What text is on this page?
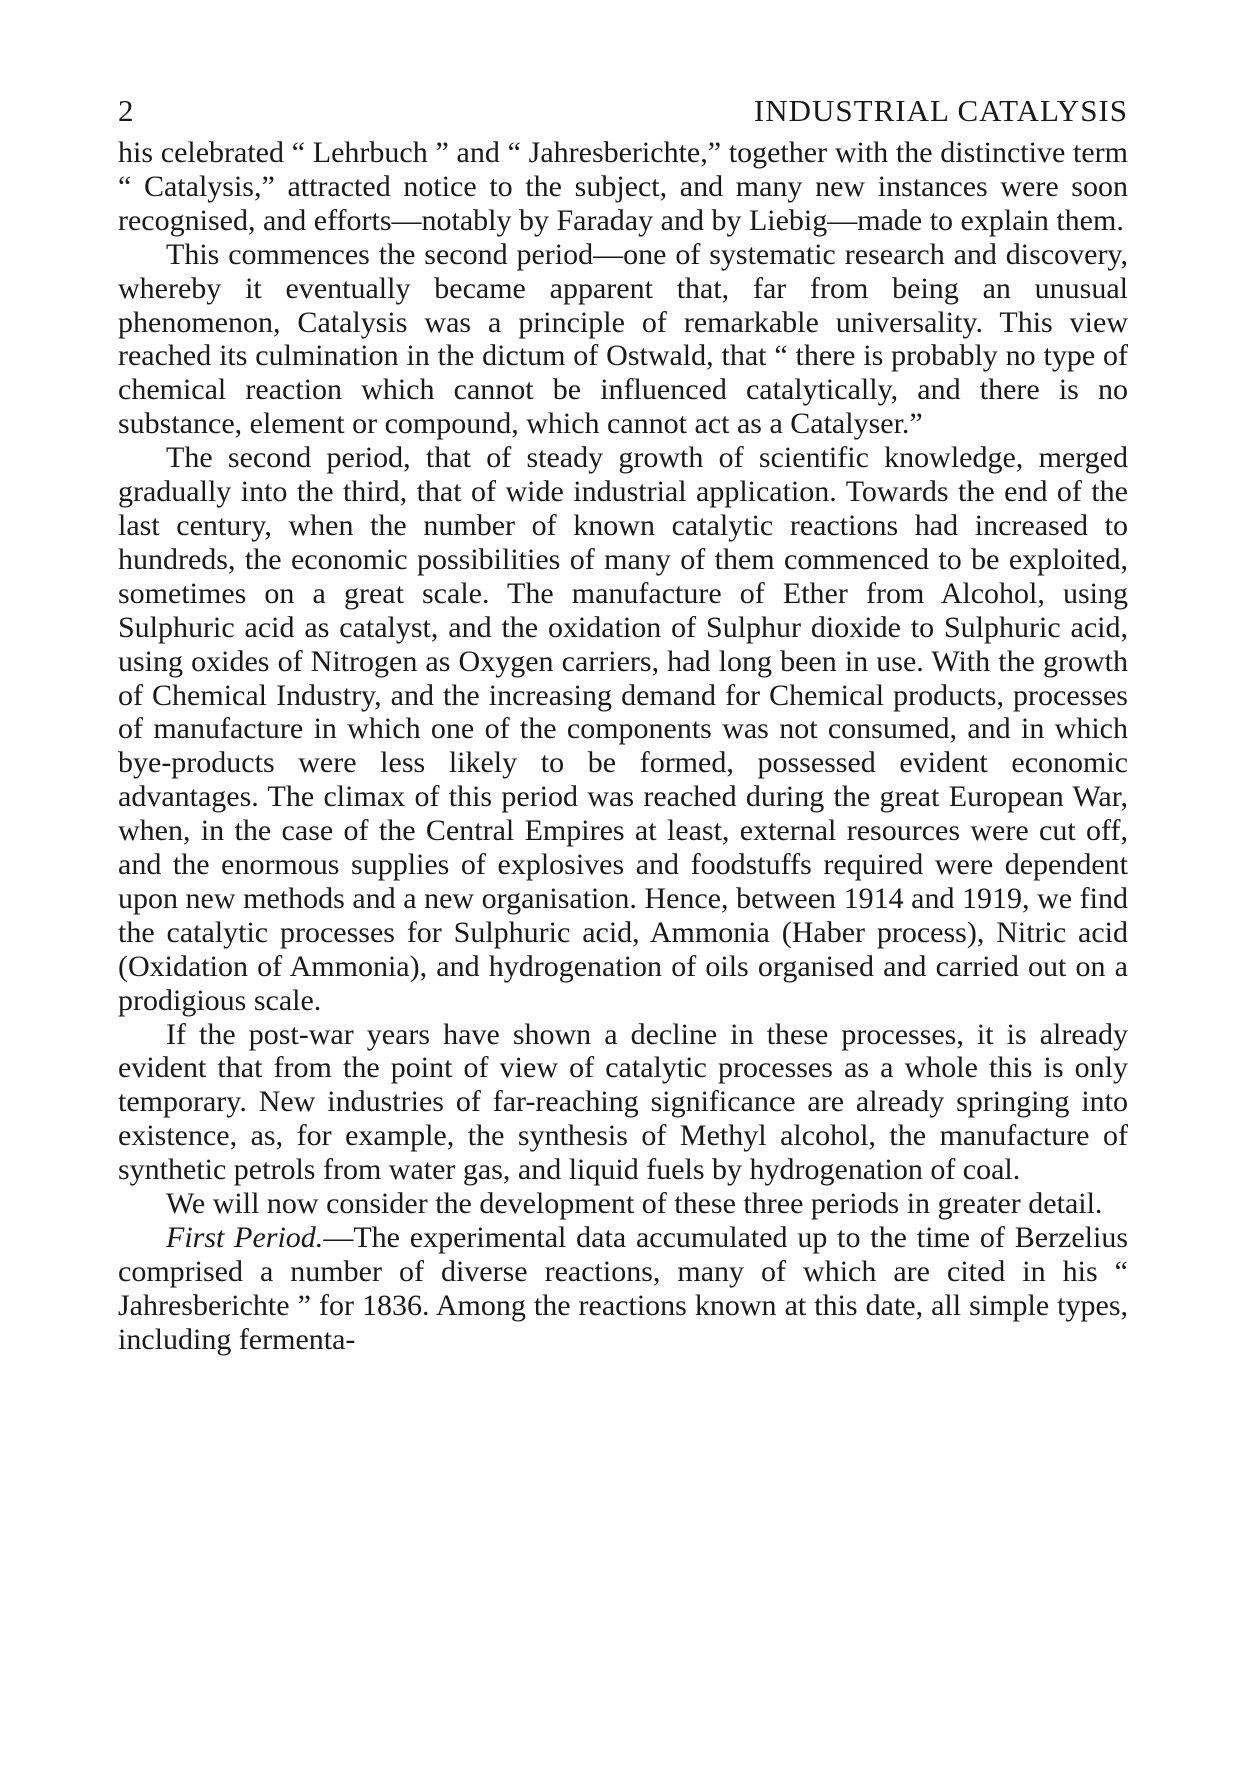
2	INDUSTRIAL CATALYSIS

his celebrated “ Lehrbuch ” and “ Jahresberichte,” together with the distinctive term “ Catalysis,” attracted notice to the subject, and many new instances were soon recognised, and efforts—notably by Faraday and by Liebig—made to explain them.

This commences the second period—one of systematic research and discovery, whereby it eventually became apparent that, far from being an unusual phenomenon, Catalysis was a principle of remarkable universality. This view reached its culmination in the dictum of Ostwald, that “ there is probably no type of chemical reaction which cannot be influenced catalytically, and there is no substance, element or compound, which cannot act as a Catalyser.”

The second period, that of steady growth of scientific knowledge, merged gradually into the third, that of wide industrial application. Towards the end of the last century, when the number of known catalytic reactions had increased to hundreds, the economic possibilities of many of them commenced to be exploited, sometimes on a great scale. The manufacture of Ether from Alcohol, using Sulphuric acid as catalyst, and the oxidation of Sulphur dioxide to Sulphuric acid, using oxides of Nitrogen as Oxygen carriers, had long been in use. With the growth of Chemical Industry, and the increasing demand for Chemical products, processes of manufacture in which one of the components was not consumed, and in which bye-products were less likely to be formed, possessed evident economic advantages. The climax of this period was reached during the great European War, when, in the case of the Central Empires at least, external resources were cut off, and the enormous supplies of explosives and foodstuffs required were dependent upon new methods and a new organisation. Hence, between 1914 and 1919, we find the catalytic processes for Sulphuric acid, Ammonia (Haber process), Nitric acid (Oxidation of Ammonia), and hydrogenation of oils organised and carried out on a prodigious scale.

If the post-war years have shown a decline in these processes, it is already evident that from the point of view of catalytic processes as a whole this is only temporary. New industries of far-reaching significance are already springing into existence, as, for example, the synthesis of Methyl alcohol, the manufacture of synthetic petrols from water gas, and liquid fuels by hydrogenation of coal.

We will now consider the development of these three periods in greater detail.

First Period.—The experimental data accumulated up to the time of Berzelius comprised a number of diverse reactions, many of which are cited in his “ Jahresberichte ” for 1836. Among the reactions known at this date, all simple types, including fermenta-
